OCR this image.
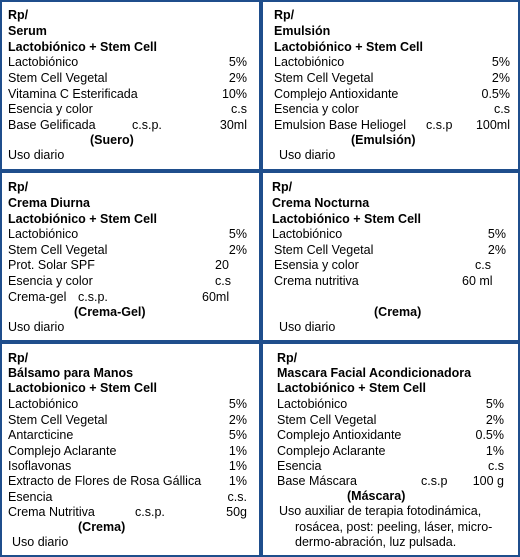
Rp/
Serum
Lactobiónico + Stem Cell
Lactobiónico	5%
Stem Cell Vegetal	2%
Vitamina C Esterificada	10%
Esencia y color	c.s
Base Gelificada	c.s.p.	30ml
(Suero)
Uso diario
Rp/
Emulsión
Lactobiónico + Stem Cell
Lactobiónico	5%
Stem Cell Vegetal	2%
Complejo Antioxidante	0.5%
Esencia y color	c.s
Emulsion Base Heliogel c.s.p 100ml
(Emulsión)
Uso diario
Rp/
Crema Diurna
Lactobiónico + Stem Cell
Lactobiónico	5%
Stem Cell Vegetal	2%
Prot. Solar SPF	20
Esencia y color	c.s
Crema-gel c.s.p.	60ml
(Crema-Gel)
Uso diario
Rp/
Crema Nocturna
Lactobiónico + Stem Cell
Lactobiónico	5%
Stem Cell Vegetal	2%
Esensia y color	c.s
Crema nutritiva	60 ml
(Crema)
Uso diario
Rp/
Bálsamo para Manos
Lactobionico + Stem Cell
Lactobiónico	5%
Stem Cell Vegetal	2%
Antarcticine	5%
Complejo Aclarante	1%
Isoflavonas	1%
Extracto de Flores de Rosa Gállica 1%
Esencia	c.s.
Crema Nutritiva	c.s.p.	50g
(Crema)
Uso diario
Rp/
Mascara Facial Acondicionadora
Lactobiónico + Stem Cell
Lactobiónico	5%
Stem Cell Vegetal	2%
Complejo Antioxidante	0.5%
Complejo Aclarante	1%
Esencia	c.s
Base Máscara	c.s.p 100 g
(Máscara)
Uso auxiliar de terapia fotodinámica,
rosácea, post: peeling, láser, micro-
dermo-abración, luz pulsada.
